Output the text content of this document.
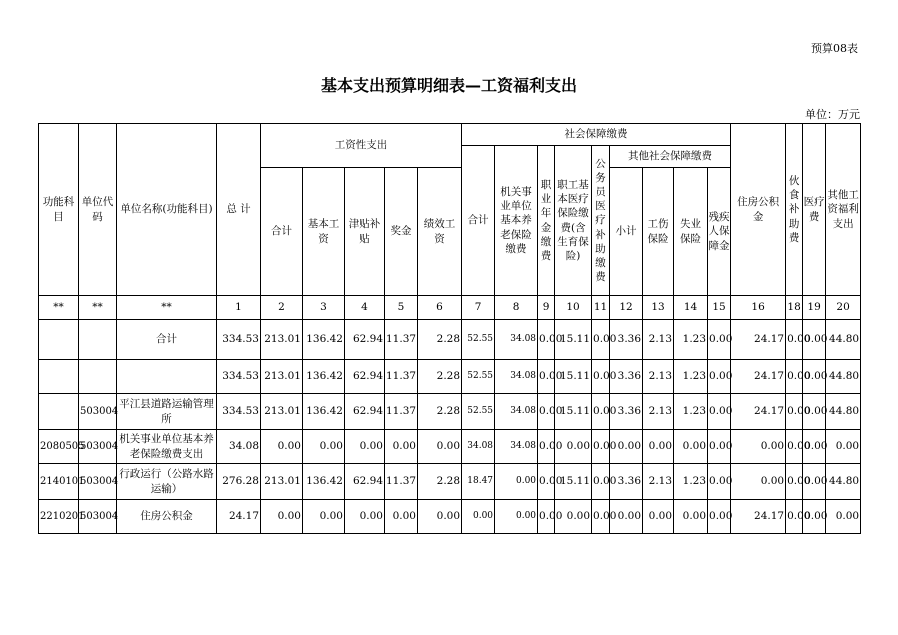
预算08表
基本支出预算明细表—工资福利支出
单位：万元
功能科目	单位代码	单位名称(功能科目)	总 计	工资性支出					社会保障缴费									住房公积金	伙食补助费	医疗费	其他工资福利支出
									合计	机关事业单位基本养老保险缴费	职业年金缴费	职工基本医疗保险缴费(含生育保险)	公务员医疗补助缴费	其他社会保障缴费							
				合计	基本工资	津贴补贴	奖金	绩效工资						小计	工伤保险	失业保险	残疾人保障金				
**	**	**	1	2	3	4	5	6	7	8	9	10	11	12	13	14	15	16	18	19	20
		合计	334.53	213.01	136.42	62.94	11.37	2.28	52.55	34.08	0.00	15.11	0.00	3.36	2.13	1.23	0.00	24.17	0.00	0.00	44.80
			334.53	213.01	136.42	62.94	11.37	2.28	52.55	34.08	0.00	15.11	0.00	3.36	2.13	1.23	0.00	24.17	0.00	0.00	44.80
	503004	平江县道路运输管理所	334.53	213.01	136.42	62.94	11.37	2.28	52.55	34.08	0.00	15.11	0.00	3.36	2.13	1.23	0.00	24.17	0.00	0.00	44.80
2080505	503004	机关事业单位基本养老保险缴费支出	34.08	0.00	0.00	0.00	0.00	0.00	34.08	34.08	0.00	0.00	0.00	0.00	0.00	0.00	0.00	0.00	0.00	0.00	0.00
2140101	503004	行政运行（公路水路运输）	276.28	213.01	136.42	62.94	11.37	2.28	18.47	0.00	0.00	15.11	0.00	3.36	2.13	1.23	0.00	0.00	0.00	0.00	44.80
2210201	503004	住房公积金	24.17	0.00	0.00	0.00	0.00	0.00	0.00	0.00	0.00	0.00	0.00	0.00	0.00	0.00	0.00	24.17	0.00	0.00	0.00
